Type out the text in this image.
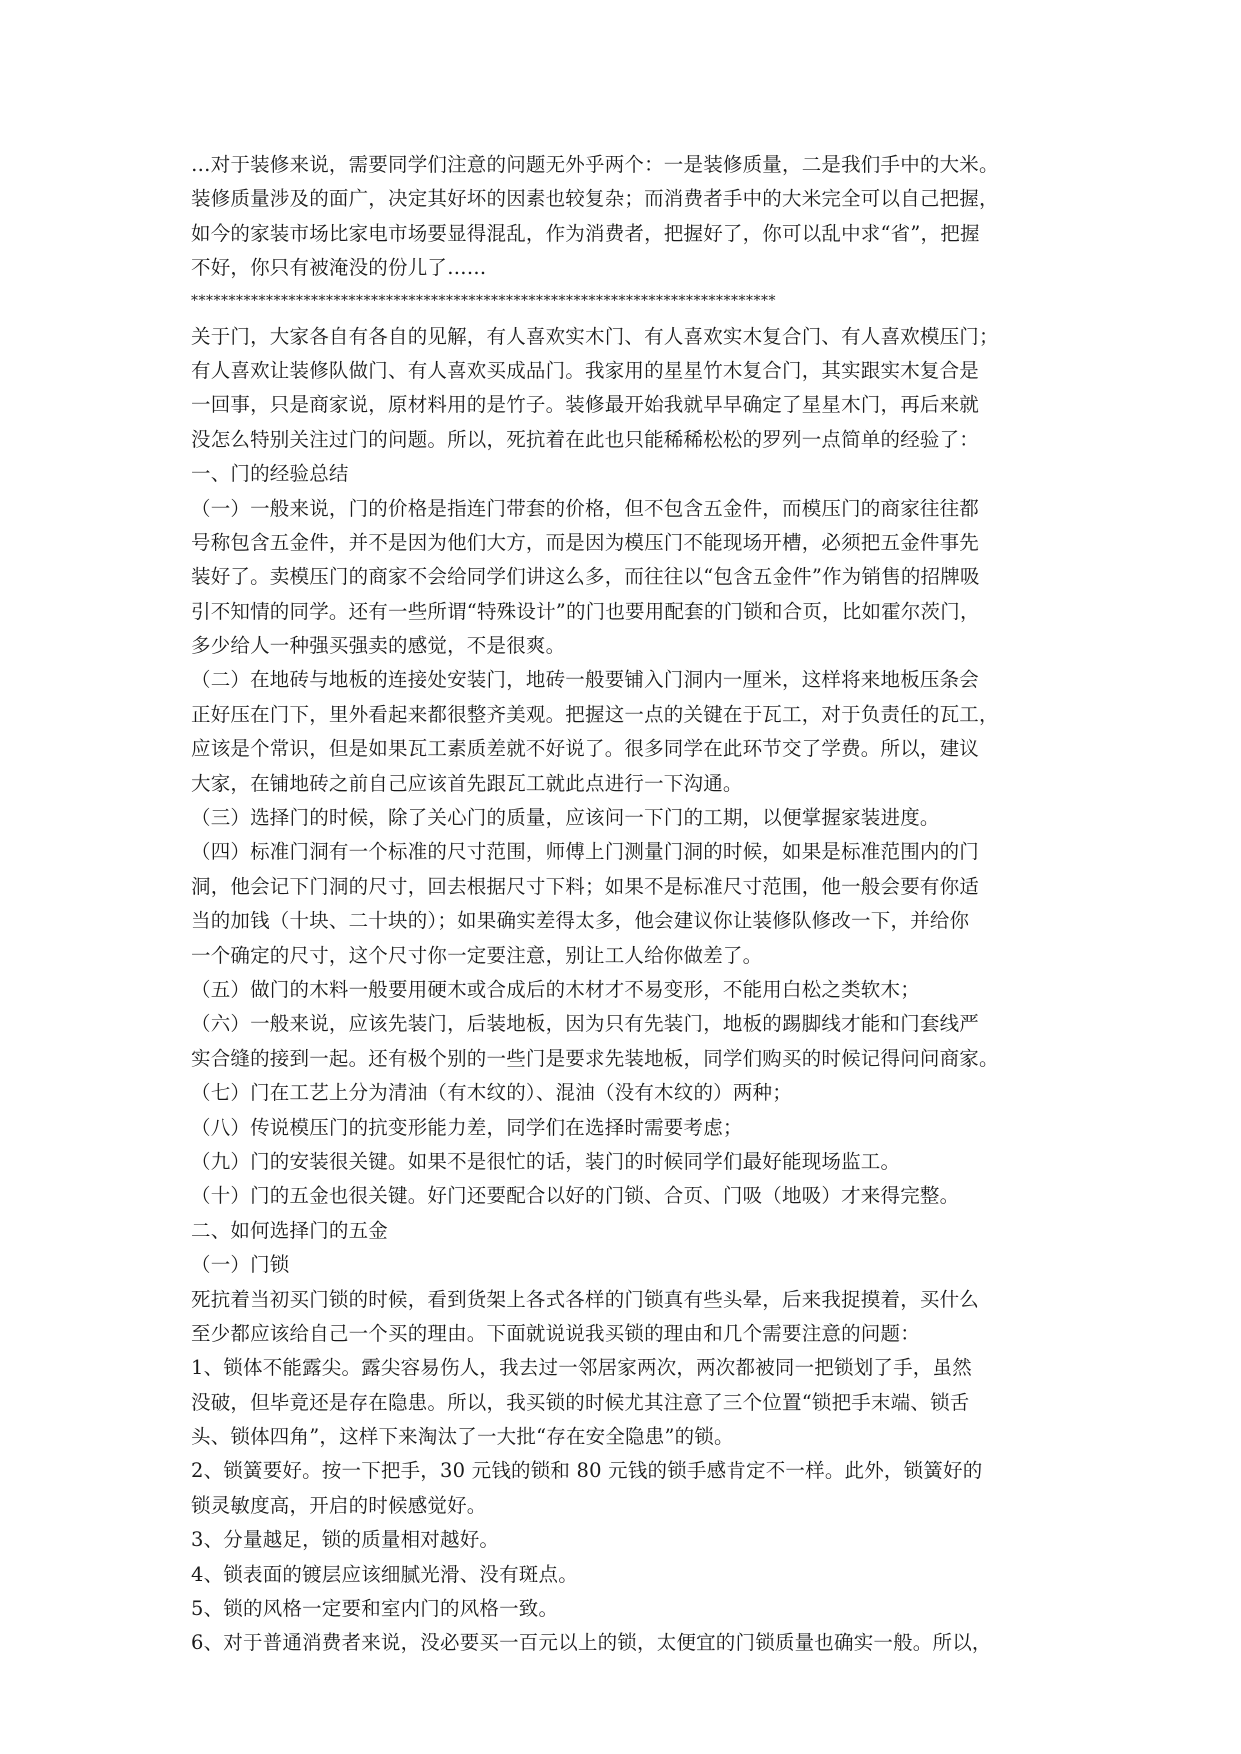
…对于装修来说，需要同学们注意的问题无外乎两个：一是装修质量，二是我们手中的大米。
装修质量涉及的面广，决定其好坏的因素也较复杂；而消费者手中的大米完全可以自己把握，
如今的家装市场比家电市场要显得混乱，作为消费者，把握好了，你可以乱中求“省”，把握
不好，你只有被淹没的份儿了……
******************************************************************************
关于门，大家各自有各自的见解，有人喜欢实木门、有人喜欢实木复合门、有人喜欢模压门；
有人喜欢让装修队做门、有人喜欢买成品门。我家用的星星竹木复合门，其实跟实木复合是
一回事，只是商家说，原材料用的是竹子。装修最开始我就早早确定了星星木门，再后来就
没怎么特别关注过门的问题。所以，死抗着在此也只能稀稀松松的罗列一点简单的经验了：
一、门的经验总结
（一）一般来说，门的价格是指连门带套的价格，但不包含五金件，而模压门的商家往往都
号称包含五金件，并不是因为他们大方，而是因为模压门不能现场开槽，必须把五金件事先
装好了。卖模压门的商家不会给同学们讲这么多，而往往以“包含五金件”作为销售的招牌吸
引不知情的同学。还有一些所谓“特殊设计”的门也要用配套的门锁和合页，比如霍尔茨门，
多少给人一种强买强卖的感觉，不是很爽。
（二）在地砖与地板的连接处安装门，地砖一般要铺入门洞内一厘米，这样将来地板压条会
正好压在门下，里外看起来都很整齐美观。把握这一点的关键在于瓦工，对于负责任的瓦工，
应该是个常识，但是如果瓦工素质差就不好说了。很多同学在此环节交了学费。所以，建议
大家，在铺地砖之前自己应该首先跟瓦工就此点进行一下沟通。
（三）选择门的时候，除了关心门的质量，应该问一下门的工期，以便掌握家装进度。
（四）标准门洞有一个标准的尺寸范围，师傅上门测量门洞的时候，如果是标准范围内的门
洞，他会记下门洞的尺寸，回去根据尺寸下料；如果不是标准尺寸范围，他一般会要有你适
当的加钱（十块、二十块的）；如果确实差得太多，他会建议你让装修队修改一下，并给你
一个确定的尺寸，这个尺寸你一定要注意，别让工人给你做差了。
（五）做门的木料一般要用硬木或合成后的木材才不易变形，不能用白松之类软木；
（六）一般来说，应该先装门，后装地板，因为只有先装门，地板的踢脚线才能和门套线严
实合缝的接到一起。还有极个别的一些门是要求先装地板，同学们购买的时候记得问问商家。
（七）门在工艺上分为清油（有木纹的）、混油（没有木纹的）两种；
（八）传说模压门的抗变形能力差，同学们在选择时需要考虑；
（九）门的安装很关键。如果不是很忙的话，装门的时候同学们最好能现场监工。
（十）门的五金也很关键。好门还要配合以好的门锁、合页、门吸（地吸）才来得完整。
二、如何选择门的五金
（一）门锁
死抗着当初买门锁的时候，看到货架上各式各样的门锁真有些头晕，后来我捉摸着，买什么
至少都应该给自己一个买的理由。下面就说说我买锁的理由和几个需要注意的问题：
1、锁体不能露尖。露尖容易伤人，我去过一邻居家两次，两次都被同一把锁划了手，虽然
没破，但毕竟还是存在隐患。所以，我买锁的时候尤其注意了三个位置“锁把手末端、锁舌
头、锁体四角”，这样下来淘汰了一大批“存在安全隐患”的锁。
2、锁簧要好。按一下把手，30 元钱的锁和 80 元钱的锁手感肯定不一样。此外，锁簧好的
锁灵敏度高，开启的时候感觉好。
3、分量越足，锁的质量相对越好。
4、锁表面的镀层应该细腻光滑、没有斑点。
5、锁的风格一定要和室内门的风格一致。
6、对于普通消费者来说，没必要买一百元以上的锁，太便宜的门锁质量也确实一般。所以，
